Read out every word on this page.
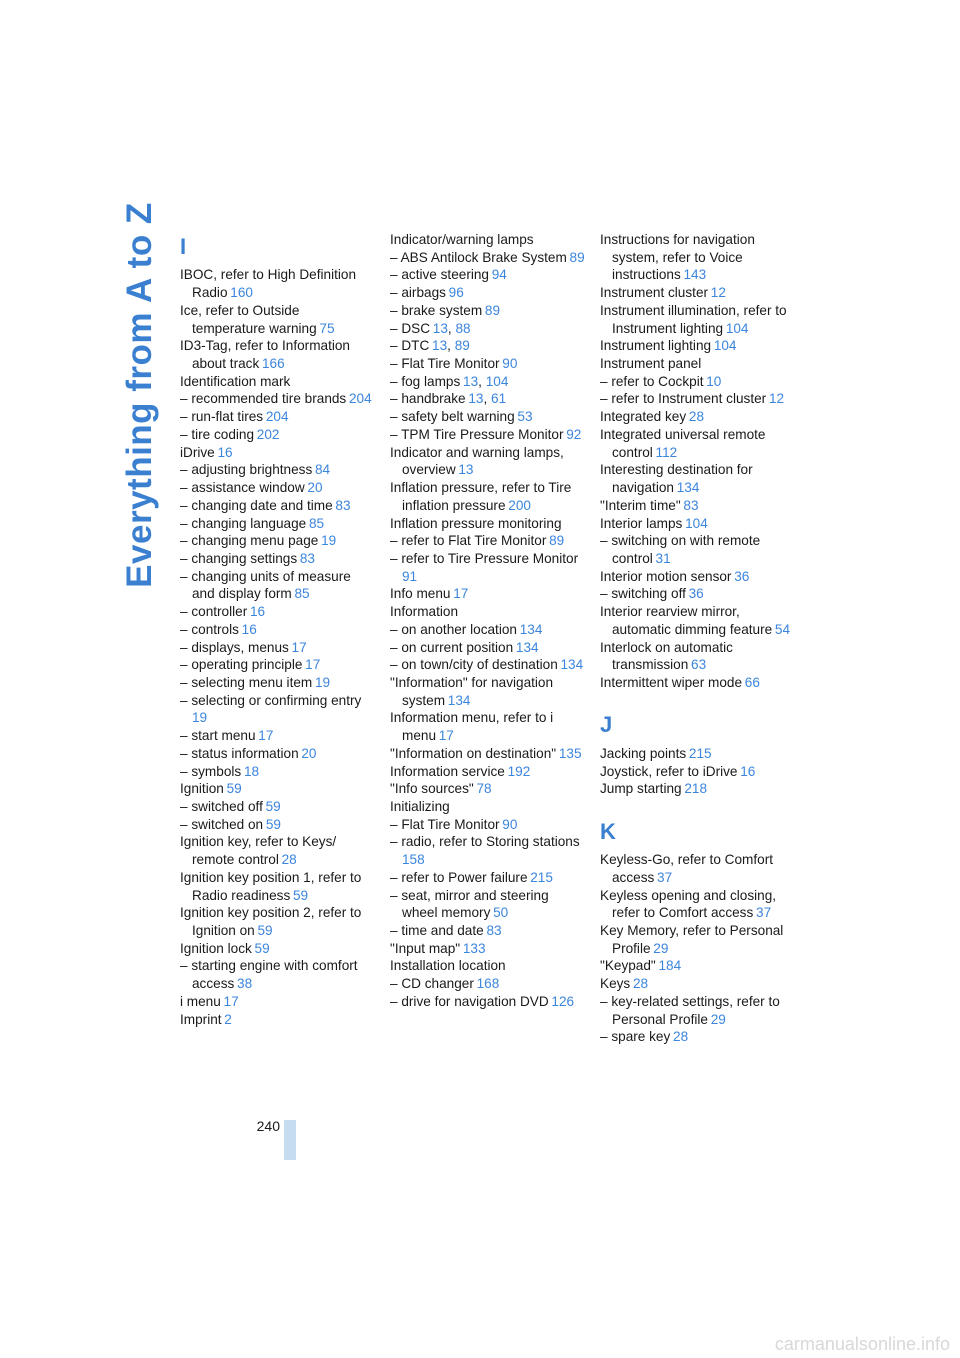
Everything from A to Z I
IBOC, refer to High Definition Radio  160
Ice, refer to Outside temperature warning  75
ID3-Tag, refer to Information about track  166
Identification mark
– recommended tire brands  204
– run-flat tires  204
– tire coding  202
iDrive  16
– adjusting brightness  84
– assistance window  20
– changing date and time  83
– changing language  85
– changing menu page  19
– changing settings  83
– changing units of measure and display form  85
– controller  16
– controls  16
– displays, menus  17
– operating principle  17
– selecting menu item  19
– selecting or confirming entry 19
– start menu  17
– status information  20
– symbols  18
Ignition  59
– switched off  59
– switched on  59
Ignition key, refer to Keys/ remote control  28
Ignition key position 1, refer to Radio readiness  59
Ignition key position 2, refer to Ignition on  59
Ignition lock  59
– starting engine with comfort access  38
i menu  17
Imprint  2
Indicator/warning lamps
– ABS Antilock Brake System  89
– active steering  94
– airbags  96
– brake system  89
– DSC  13, 88
– DTC  13, 89
– Flat Tire Monitor  90
– fog lamps  13, 104
– handbrake  13, 61
– safety belt warning  53
– TPM Tire Pressure Monitor  92
Indicator and warning lamps, overview  13
Inflation pressure, refer to Tire inflation pressure  200
Inflation pressure monitoring
– refer to Flat Tire Monitor  89
– refer to Tire Pressure Monitor 91
Info menu  17
Information
– on another location  134
– on current position  134
– on town/city of destination  134
"Information" for navigation system  134
Information menu, refer to i menu  17
"Information on destination"  135
Information service  192
"Info sources"  78
Initializing
– Flat Tire Monitor  90
– radio, refer to Storing stations 158
– refer to Power failure  215
– seat, mirror and steering wheel memory  50
– time and date  83
"Input map"  133
Installation location
– CD changer  168
– drive for navigation DVD  126
Instructions for navigation system, refer to Voice instructions  143
Instrument cluster  12
Instrument illumination, refer to Instrument lighting  104
Instrument lighting  104
Instrument panel
– refer to Cockpit  10
– refer to Instrument cluster  12
Integrated key  28
Integrated universal remote control  112
Interesting destination for navigation  134
"Interim time"  83
Interior lamps  104
– switching on with remote control  31
Interior motion sensor  36
– switching off  36
Interior rearview mirror, automatic dimming feature  54
Interlock on automatic transmission  63
Intermittent wiper mode  66
J
Jacking points  215
Joystick, refer to iDrive  16
Jump starting  218
K
Keyless-Go, refer to Comfort access  37
Keyless opening and closing, refer to Comfort access  37
Key Memory, refer to Personal Profile  29
"Keypad"  184
Keys  28
– key-related settings, refer to Personal Profile  29
– spare key  28
240
carmanualsonline.info
